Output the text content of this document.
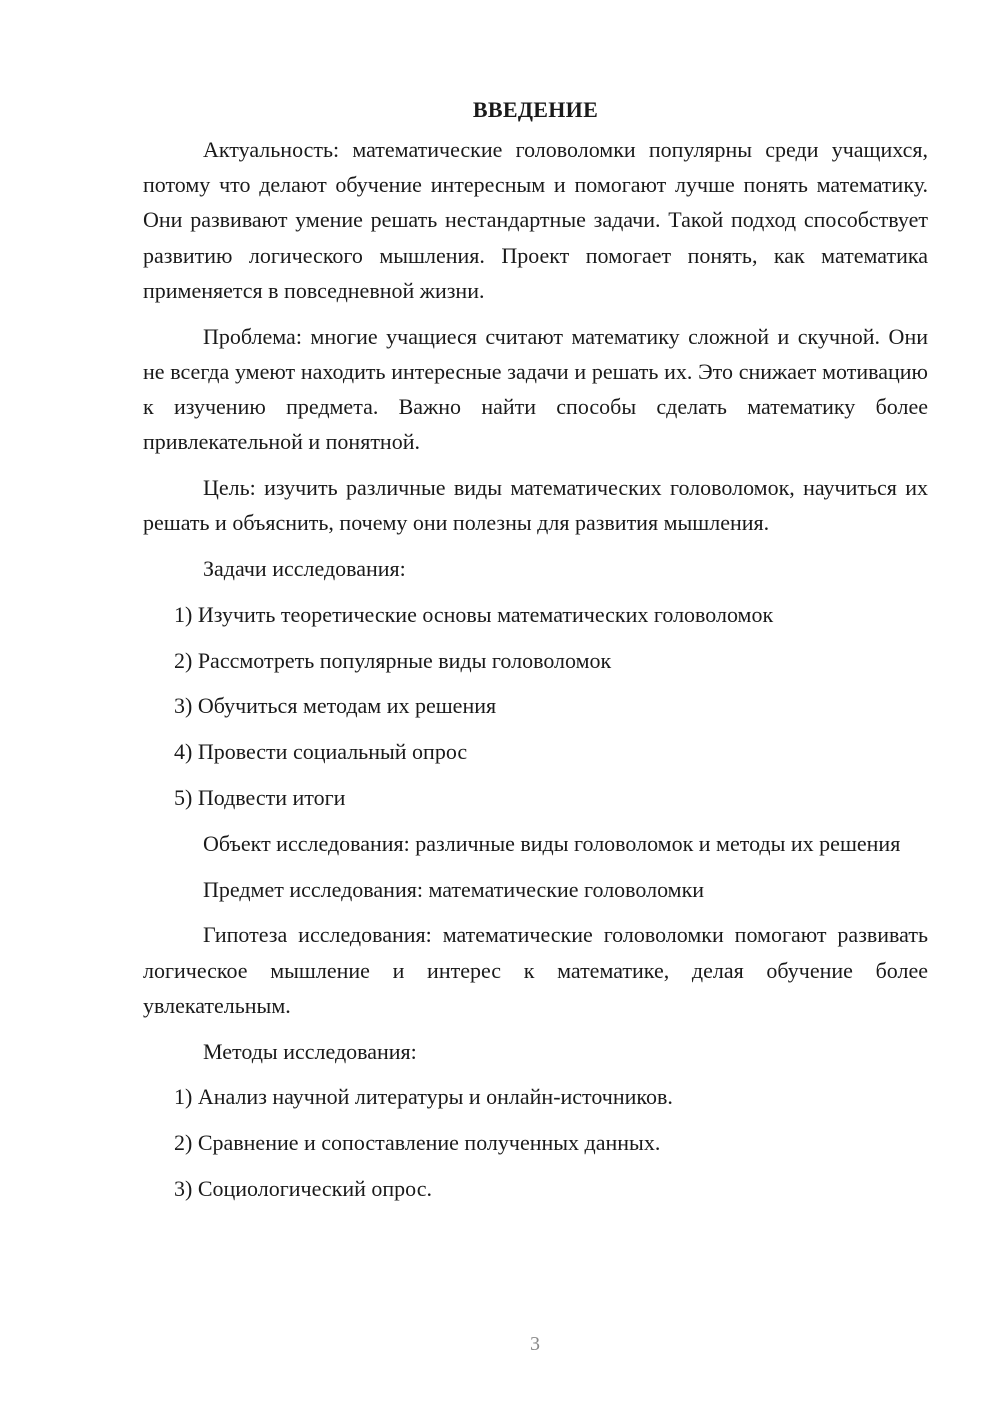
ВВЕДЕНИЕ

Актуальность: математические головоломки популярны среди учащихся, потому что делают обучение интересным и помогают лучше понять математику. Они развивают умение решать нестандартные задачи. Такой подход способствует развитию логического мышления. Проект помогает понять, как математика применяется в повседневной жизни.

Проблема: многие учащиеся считают математику сложной и скучной. Они не всегда умеют находить интересные задачи и решать их. Это снижает мотивацию к изучению предмета. Важно найти способы сделать математику более привлекательной и понятной.

Цель: изучить различные виды математических головоломок, научиться их решать и объяснить, почему они полезны для развития мышления.

Задачи исследования:
1) Изучить теоретические основы математических головоломок
2) Рассмотреть популярные виды головоломок
3) Обучиться методам их решения
4) Провести социальный опрос
5) Подвести итоги

Объект исследования: различные виды головоломок и методы их решения

Предмет исследования: математические головоломки

Гипотеза исследования: математические головоломки помогают развивать логическое мышление и интерес к математике, делая обучение более увлекательным.

Методы исследования:
1) Анализ научной литературы и онлайн-источников.
2) Сравнение и сопоставление полученных данных.
3) Социологический опрос.
3
